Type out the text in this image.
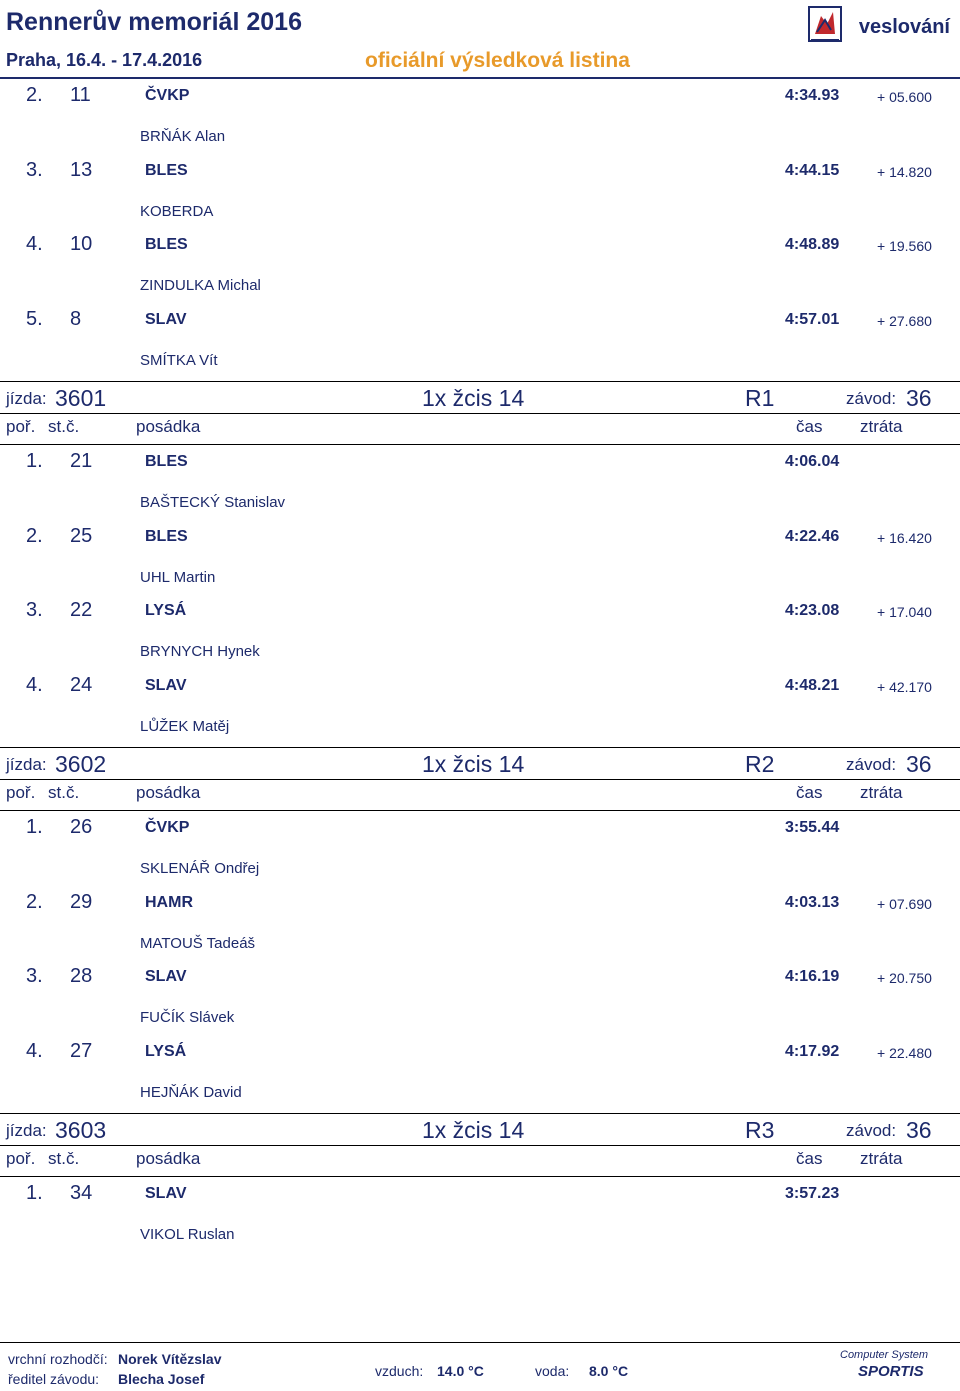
Rennerův memoriál 2016
Praha, 16.4. - 17.4.2016	oficiální výsledková listina
veslování
2. 11	ČVKP	4:34.93	+ 05.600
BRŇÁK Alan
3. 13	BLES	4:44.15	+ 14.820
KOBERDA
4. 10	BLES	4:48.89	+ 19.560
ZINDULKA Michal
5. 8	SLAV	4:57.01	+ 27.680
SMÍTKA Vít
jízda: 3601	1x žcis 14	R1	závod: 36
poř. st.č.	posádka	čas ztráta
1. 21	BLES	4:06.04
BAŠTECKÝ Stanislav
2. 25	BLES	4:22.46	+ 16.420
UHL Martin
3. 22	LYSÁ	4:23.08	+ 17.040
BRYNYCH Hynek
4. 24	SLAV	4:48.21	+ 42.170
LŮŽEK Matěj
jízda: 3602	1x žcis 14	R2	závod: 36
poř. st.č.	posádka	čas ztráta
1. 26	ČVKP	3:55.44
SKLENÁŘ Ondřej
2. 29	HAMR	4:03.13	+ 07.690
MATOUŠ Tadeáš
3. 28	SLAV	4:16.19	+ 20.750
FUČÍK Slávek
4. 27	LYSÁ	4:17.92	+ 22.480
HEJŇÁK David
jízda: 3603	1x žcis 14	R3	závod: 36
poř. st.č.	posádka	čas ztráta
1. 34	SLAV	3:57.23
VIKOL Ruslan
vrchní rozhodčí: Norek Vítězslav
ředitel závodu: Blecha Josef	vzduch: 14.0 °C	voda: 8.0 °C
Computer System
SPORTIS
